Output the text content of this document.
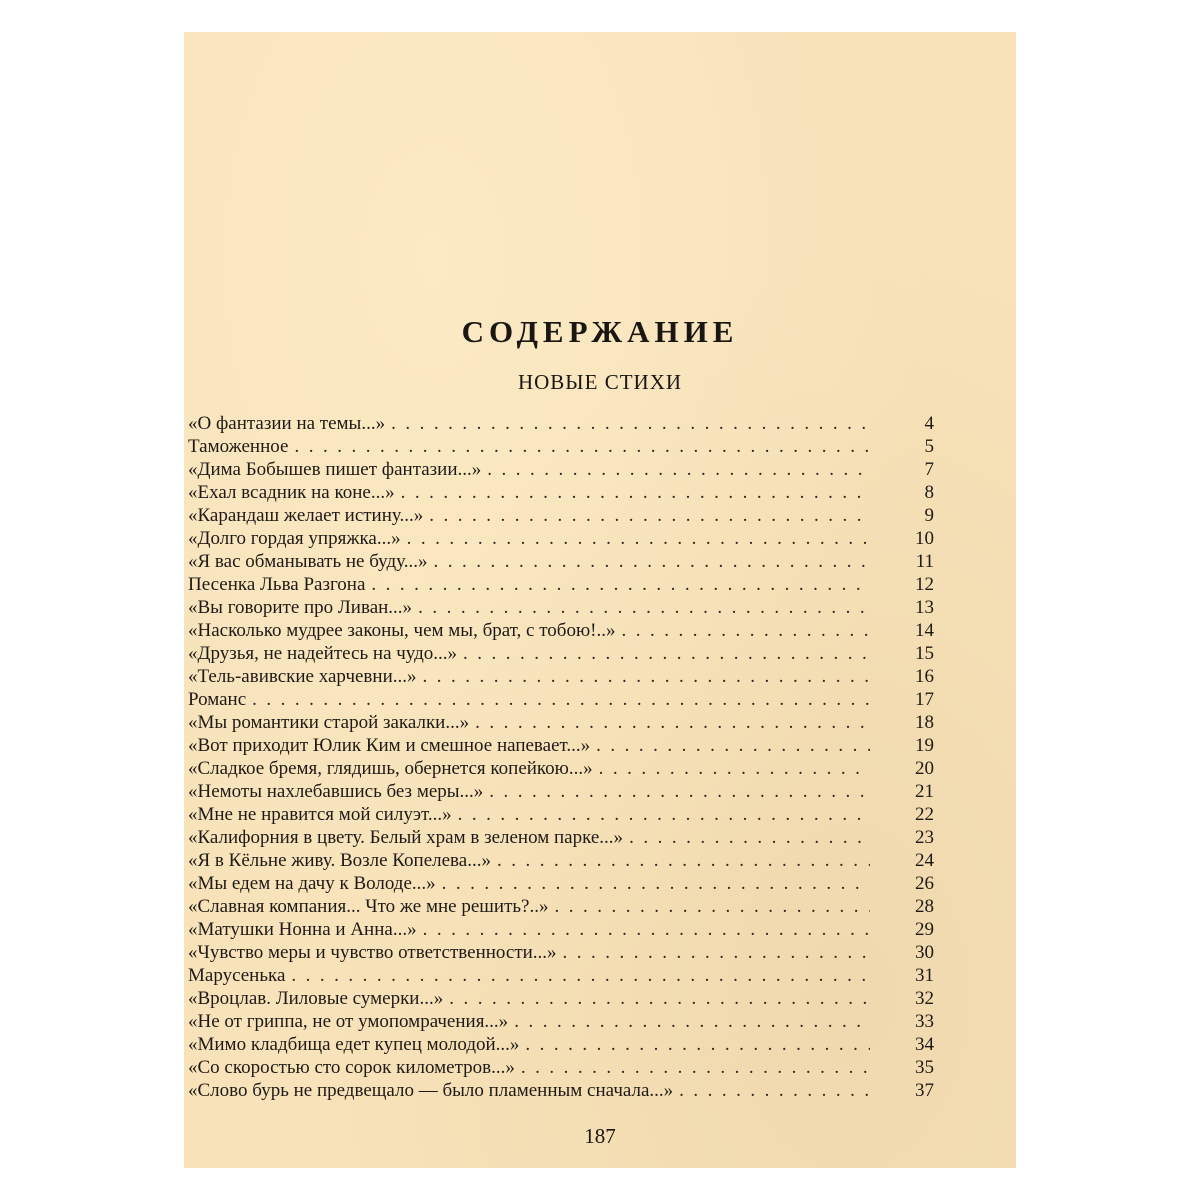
СОДЕРЖАНИЕ
НОВЫЕ СТИХИ
«О фантазии на темы...» . .	4
Таможенное . .	5
«Дима Бобышев пишет фантазии...» . .	7
«Ехал всадник на коне...» . .	8
«Карандаш желает истину...» . .	9
«Долго гордая упряжка...» . .	10
«Я вас обманывать не буду...» . .	11
Песенка Льва Разгона . .	12
«Вы говорите про Ливан...» . .	13
«Насколько мудрее законы, чем мы, брат, с тобою!..» . .	14
«Друзья, не надейтесь на чудо...» . .	15
«Тель-авивские харчевни...» . .	16
Романс . .	17
«Мы романтики старой закалки...» . .	18
«Вот приходит Юлик Ким и смешное напевает...» . .	19
«Сладкое бремя, глядишь, обернется копейкою...» . .	20
«Немоты нахлебавшись без меры...» . .	21
«Мне не нравится мой силуэт...» . .	22
«Калифорния в цвету. Белый храм в зеленом парке...» . .	23
«Я в Кёльне живу. Возле Копелева...» . .	24
«Мы едем на дачу к Володе...» . .	26
«Славная компания... Что же мне решить?..» . .	28
«Матушки Нонна и Анна...» . .	29
«Чувство меры и чувство ответственности...» . .	30
Марусенька . .	31
«Вроцлав. Лиловые сумерки...» . .	32
«Не от гриппа, не от умопомрачения...» . .	33
«Мимо кладбища едет купец молодой...» . .	34
«Со скоростью сто сорок километров...» . .	35
«Слово бурь не предвещало — было пламенным сначала...» . .	37
187
